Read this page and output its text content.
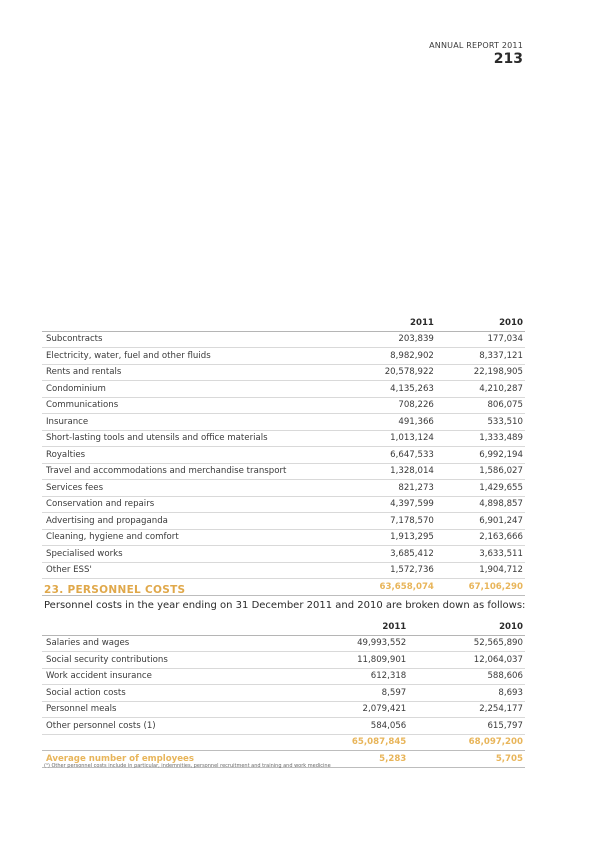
ANNUAL REPORT 2011
213
	2011	2010
Subcontracts	203,839	177,034
Electricity, water, fuel and other fluids	8,982,902	8,337,121
Rents and rentals	20,578,922	22,198,905
Condominium	4,135,263	4,210,287
Communications	708,226	806,075
Insurance	491,366	533,510
Short-lasting tools and utensils and office materials	1,013,124	1,333,489
Royalties	6,647,533	6,992,194
Travel and accommodations and merchandise transport	1,328,014	1,586,027
Services fees	821,273	1,429,655
Conservation and repairs	4,397,599	4,898,857
Advertising and propaganda	7,178,570	6,901,247
Cleaning, hygiene and comfort	1,913,295	2,163,666
Specialised works	3,685,412	3,633,511
Other ESS'	1,572,736	1,904,712
	63,658,074	67,106,290
23. PERSONNEL COSTS
Personnel costs in the year ending on 31 December 2011 and 2010 are broken down as follows:
	2011	2010
Salaries and wages	49,993,552	52,565,890
Social security contributions	11,809,901	12,064,037
Work accident insurance	612,318	588,606
Social action costs	8,597	8,693
Personnel meals	2,079,421	2,254,177
Other personnel costs (1)	584,056	615,797
	65,087,845	68,097,200
Average number of employees	5,283	5,705
(¹) Other personnel costs include in particular, indemnities, personnel recruitment and training and work medicine
